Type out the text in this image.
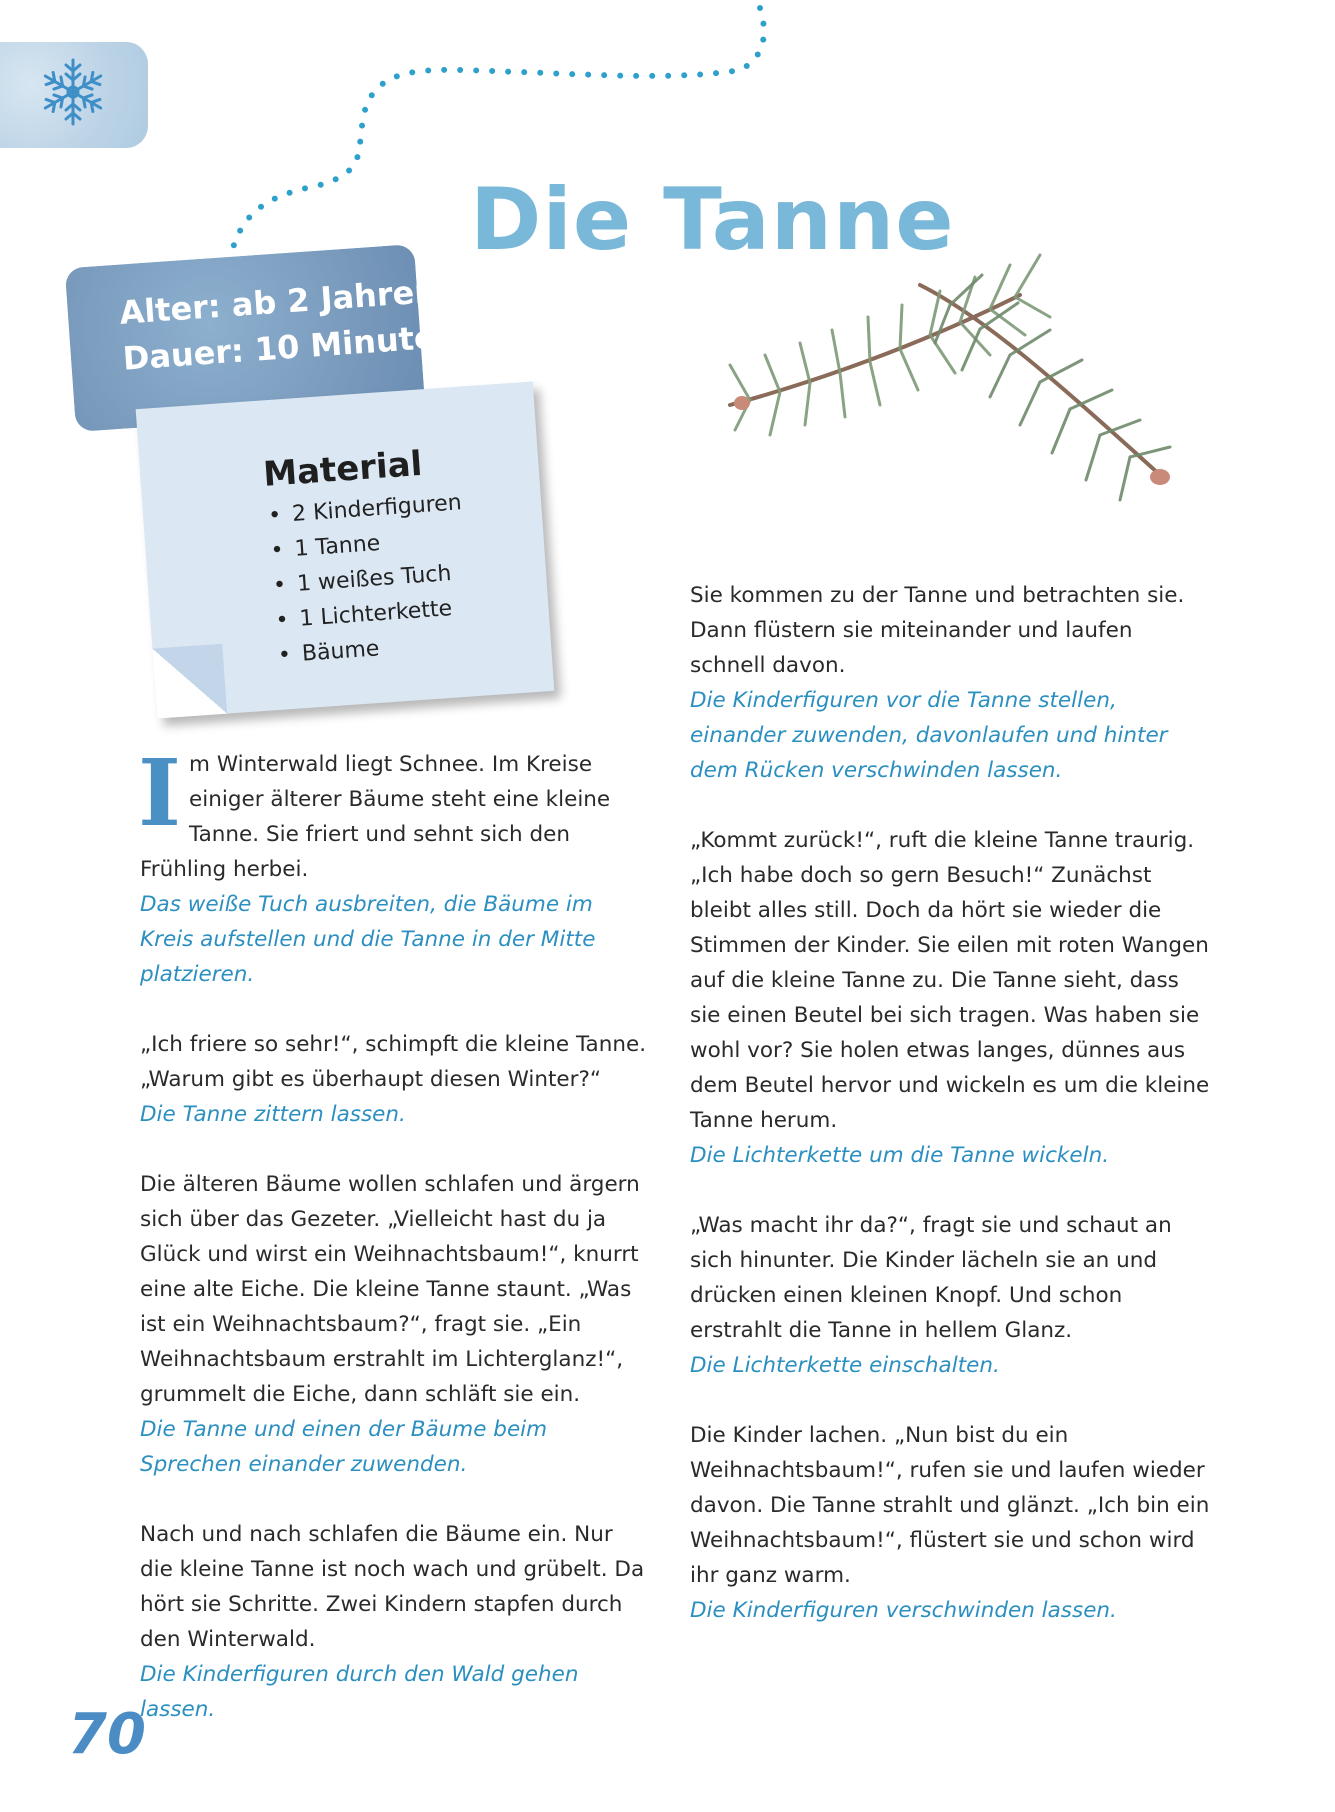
Die Tanne
Alter: ab 2 Jahren
Dauer: 10 Minuten
Material
• 2 Kinderfiguren
• 1 Tanne
• 1 weißes Tuch
• 1 Lichterkette
• Bäume

I m Winterwald liegt Schnee. Im Kreise einiger älterer Bäume steht eine kleine Tanne. Sie friert und sehnt sich den Frühling herbei.
Das weiße Tuch ausbreiten, die Bäume im Kreis aufstellen und die Tanne in der Mitte platzieren.

„Ich friere so sehr!“, schimpft die kleine Tanne. „Warum gibt es überhaupt diesen Winter?“
Die Tanne zittern lassen.

Die älteren Bäume wollen schlafen und ärgern sich über das Gezeter. „Vielleicht hast du ja Glück und wirst ein Weihnachtsbaum!“, knurrt eine alte Eiche. Die kleine Tanne staunt. „Was ist ein Weihnachtsbaum?“, fragt sie. „Ein Weihnachtsbaum erstrahlt im Lichterglanz!“, grummelt die Eiche, dann schläft sie ein.
Die Tanne und einen der Bäume beim Sprechen einander zuwenden.

Nach und nach schlafen die Bäume ein. Nur die kleine Tanne ist noch wach und grübelt. Da hört sie Schritte. Zwei Kindern stapfen durch den Winterwald.
Die Kinderfiguren durch den Wald gehen lassen.

Sie kommen zu der Tanne und betrachten sie. Dann flüstern sie miteinander und laufen schnell davon.
Die Kinderfiguren vor die Tanne stellen, einander zuwenden, davonlaufen und hinter dem Rücken verschwinden lassen.

„Kommt zurück!“, ruft die kleine Tanne traurig. „Ich habe doch so gern Besuch!“ Zunächst bleibt alles still. Doch da hört sie wieder die Stimmen der Kinder. Sie eilen mit roten Wangen auf die kleine Tanne zu. Die Tanne sieht, dass sie einen Beutel bei sich tragen. Was haben sie wohl vor? Sie holen etwas langes, dünnes aus dem Beutel hervor und wickeln es um die kleine Tanne herum.
Die Lichterkette um die Tanne wickeln.

„Was macht ihr da?“, fragt sie und schaut an sich hinunter. Die Kinder lächeln sie an und drücken einen kleinen Knopf. Und schon erstrahlt die Tanne in hellem Glanz.
Die Lichterkette einschalten.

Die Kinder lachen. „Nun bist du ein Weihnachtsbaum!“, rufen sie und laufen wieder davon. Die Tanne strahlt und glänzt. „Ich bin ein Weihnachtsbaum!“, flüstert sie und schon wird ihr ganz warm.
Die Kinderfiguren verschwinden lassen.

70
